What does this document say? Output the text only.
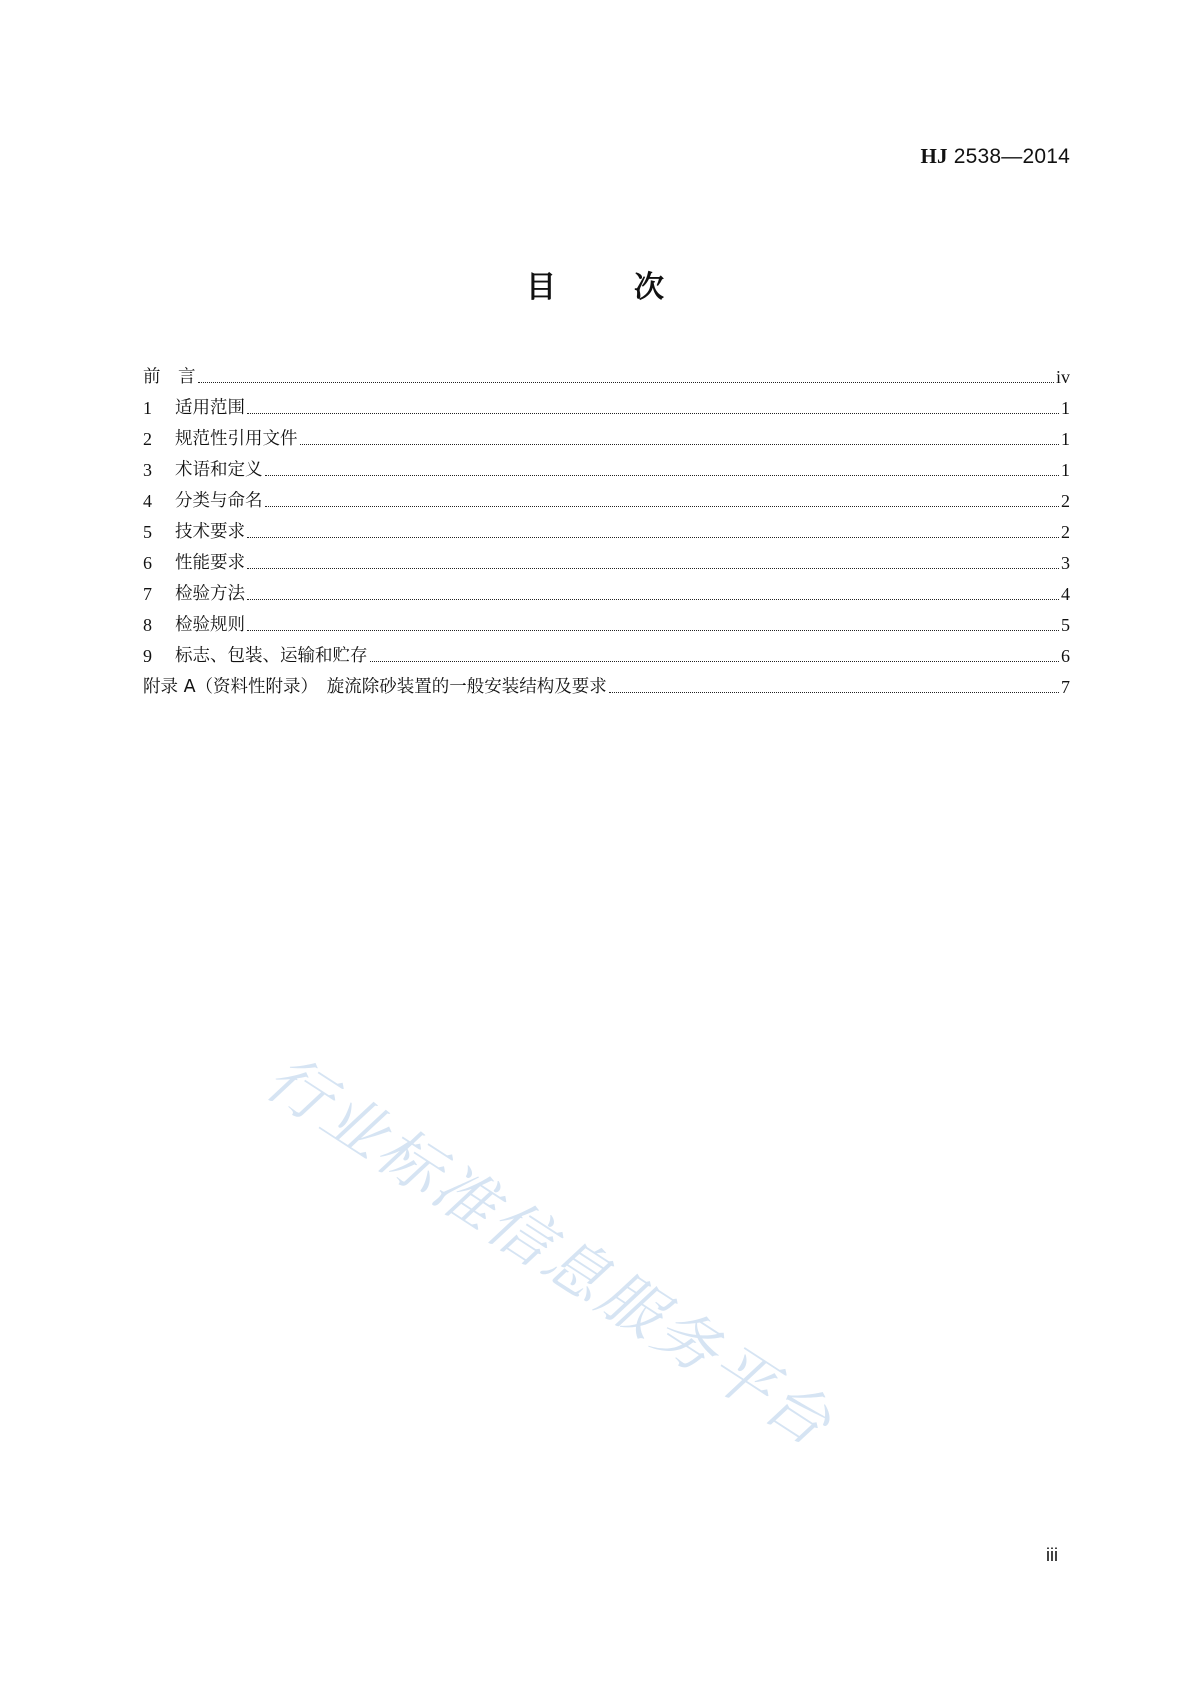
HJ 2538—2014
目	次
前　言	iv
1	适用范围	1
2	规范性引用文件	1
3	术语和定义	1
4	分类与命名	2
5	技术要求	2
6	性能要求	3
7	检验方法	4
8	检验规则	5
9	标志、包装、运输和贮存	6
附录 A（资料性附录）　旋流除砂装置的一般安装结构及要求	7
行业标准信息服务平台
iii
